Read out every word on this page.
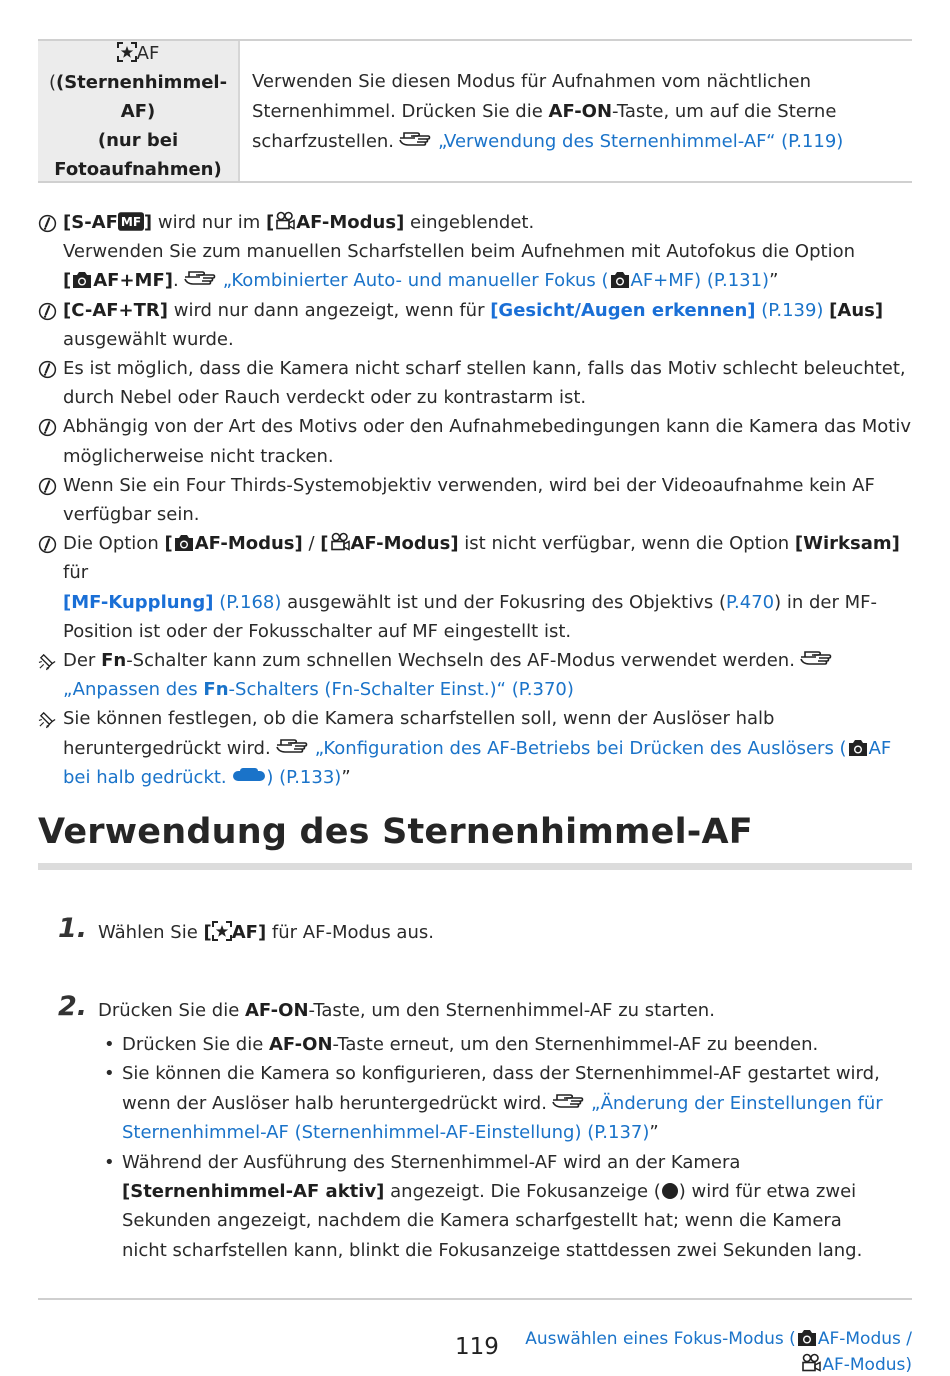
AF
((Sternenhimmel-AF)
(nur bei
Fotoaufnahmen)
Verwenden Sie diesen Modus für Aufnahmen vom nächtlichen Sternenhimmel. Drücken Sie die AF-ON-Taste, um auf die Sterne scharfzustellen. „Verwendung des Sternenhimmel-AF“ (P.119)
[S-AF ] wird nur im [ AF-Modus] eingeblendet.
Verwenden Sie zum manuellen Scharfstellen beim Aufnehmen mit Autofokus die Option
[ AF+MF]. „Kombinierter Auto- und manueller Fokus ( AF+MF) (P.131)”
[C-AF+TR] wird nur dann angezeigt, wenn für [Gesicht/Augen erkennen] (P.139) [Aus] ausgewählt wurde.
Es ist möglich, dass die Kamera nicht scharf stellen kann, falls das Motiv schlecht beleuchtet, durch Nebel oder Rauch verdeckt oder zu kontrastarm ist.
Abhängig von der Art des Motivs oder den Aufnahmebedingungen kann die Kamera das Motiv möglicherweise nicht tracken.
Wenn Sie ein Four Thirds-Systemobjektiv verwenden, wird bei der Videoaufnahme kein AF verfügbar sein.
Die Option [ AF-Modus] / [ AF-Modus] ist nicht verfügbar, wenn die Option [Wirksam] für
[MF-Kupplung] (P.168) ausgewählt ist und der Fokusring des Objektivs (P.470) in der MF-Position ist oder der Fokusschalter auf MF eingestellt ist.
Der Fn-Schalter kann zum schnellen Wechseln des AF-Modus verwendet werden.„Anpassen des Fn-Schalters (Fn-Schalter Einst.)“ (P.370)
Sie können festlegen, ob die Kamera scharfstellen soll, wenn der Auslöser halb heruntergedrückt wird. „Konfiguration des AF-Betriebs bei Drücken des Auslösers ( AF bei halb gedrückt. ) (P.133)”
Verwendung des Sternenhimmel-AF
1. Wählen Sie [ AF] für AF-Modus aus.
2. Drücken Sie die AF-ON-Taste, um den Sternenhimmel-AF zu starten.
• Drücken Sie die AF-ON-Taste erneut, um den Sternenhimmel-AF zu beenden.
• Sie können die Kamera so konfigurieren, dass der Sternenhimmel-AF gestartet wird, wenn der Auslöser halb heruntergedrückt wird. „Änderung der Einstellungen für Sternenhimmel-AF (Sternenhimmel-AF-Einstellung) (P.137)”
• Während der Ausführung des Sternenhimmel-AF wird an der Kamera [Sternenhimmel-AF aktiv] angezeigt. Die Fokusanzeige ( ) wird für etwa zwei Sekunden angezeigt, nachdem die Kamera scharfgestellt hat; wenn die Kamera nicht scharfstellen kann, blinkt die Fokusanzeige stattdessen zwei Sekunden lang.
119 Auswählen eines Fokus-Modus ( AF-Modus /
AF-Modus)
